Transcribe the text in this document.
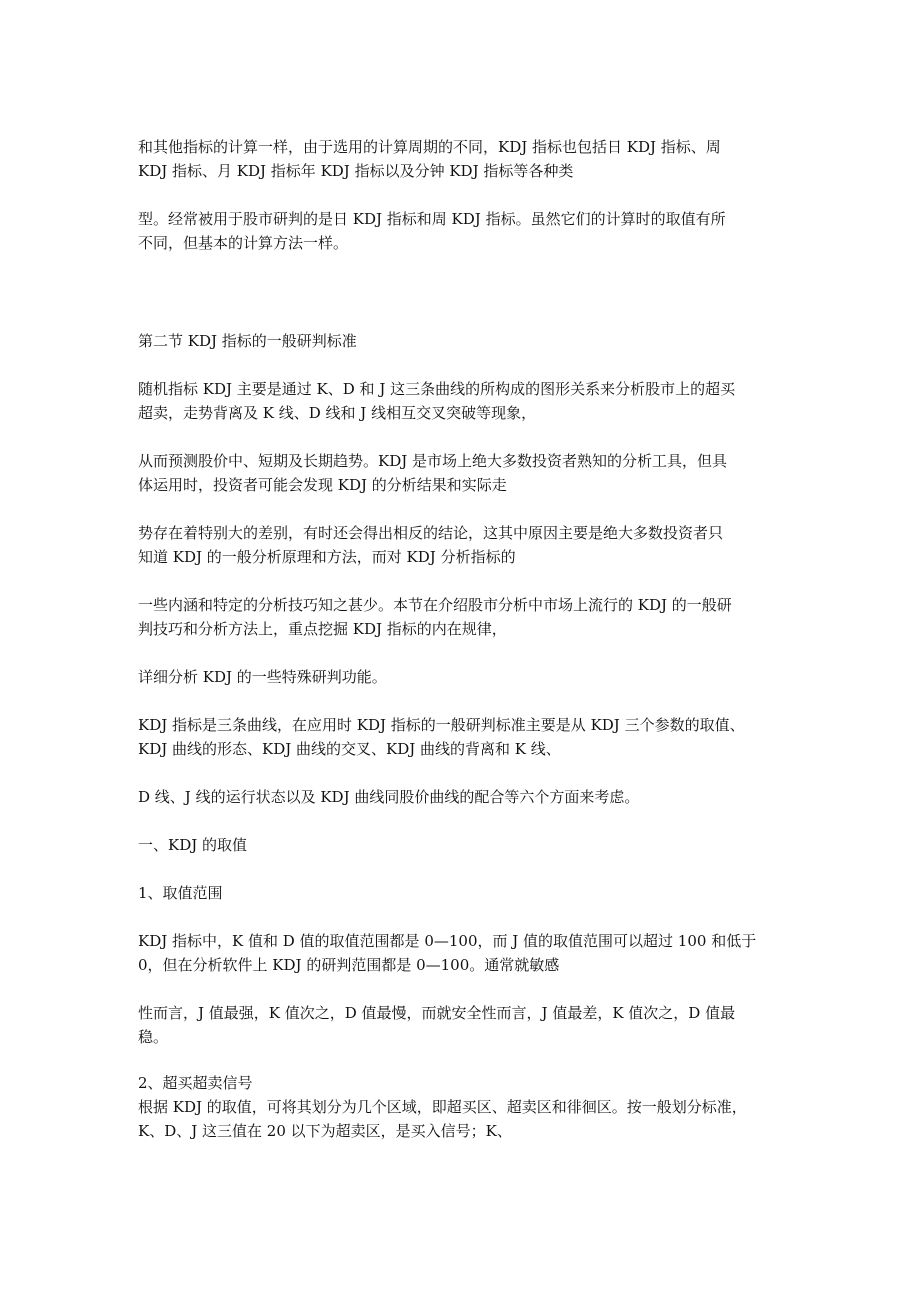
和其他指标的计算一样，由于选用的计算周期的不同，KDJ 指标也包括日 KDJ 指标、周
KDJ 指标、月 KDJ 指标年 KDJ 指标以及分钟 KDJ 指标等各种类
型。经常被用于股市研判的是日 KDJ 指标和周 KDJ 指标。虽然它们的计算时的取值有所
不同，但基本的计算方法一样。
第二节 KDJ 指标的一般研判标准
随机指标 KDJ 主要是通过 K、D 和 J 这三条曲线的所构成的图形关系来分析股市上的超买
超卖，走势背离及 K 线、D 线和 J 线相互交叉突破等现象，
从而预测股价中、短期及长期趋势。KDJ 是市场上绝大多数投资者熟知的分析工具，但具
体运用时，投资者可能会发现 KDJ 的分析结果和实际走
势存在着特别大的差别，有时还会得出相反的结论，这其中原因主要是绝大多数投资者只
知道 KDJ 的一般分析原理和方法，而对 KDJ 分析指标的
一些内涵和特定的分析技巧知之甚少。本节在介绍股市分析中市场上流行的 KDJ 的一般研
判技巧和分析方法上，重点挖掘 KDJ 指标的内在规律，
详细分析 KDJ 的一些特殊研判功能。
KDJ 指标是三条曲线，在应用时 KDJ 指标的一般研判标准主要是从 KDJ 三个参数的取值、
KDJ 曲线的形态、KDJ 曲线的交叉、KDJ 曲线的背离和 K 线、
D 线、J 线的运行状态以及 KDJ 曲线同股价曲线的配合等六个方面来考虑。
一、KDJ 的取值
1、取值范围
KDJ 指标中，K 值和 D 值的取值范围都是 0—100，而 J 值的取值范围可以超过 100 和低于
0，但在分析软件上 KDJ 的研判范围都是 0—100。通常就敏感
性而言，J 值最强，K 值次之，D 值最慢，而就安全性而言，J 值最差，K 值次之，D 值最
稳。
2、超买超卖信号
根据 KDJ 的取值，可将其划分为几个区域，即超买区、超卖区和徘徊区。按一般划分标准，
K、D、J 这三值在 20 以下为超卖区，是买入信号；K、
